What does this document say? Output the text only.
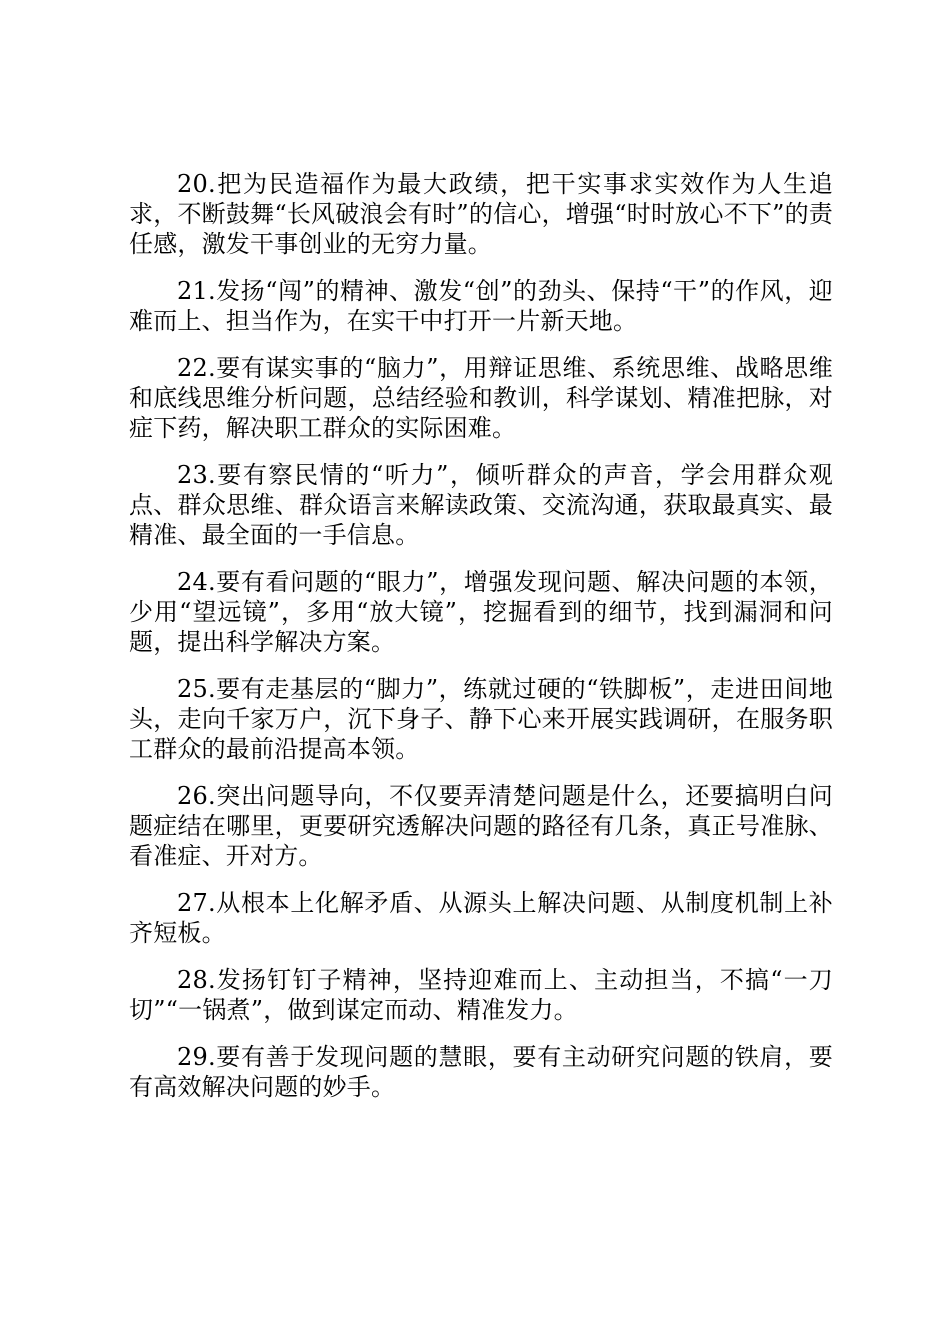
20.把为民造福作为最大政绩，把干实事求实效作为人生追求，不断鼓舞“长风破浪会有时”的信心，增强“时时放心不下”的责任感，激发干事创业的无穷力量。

21.发扬“闯”的精神、激发“创”的劲头、保持“干”的作风，迎难而上、担当作为，在实干中打开一片新天地。

22.要有谋实事的“脑力”，用辩证思维、系统思维、战略思维和底线思维分析问题，总结经验和教训，科学谋划、精准把脉，对症下药，解决职工群众的实际困难。

23.要有察民情的“听力”，倾听群众的声音，学会用群众观点、群众思维、群众语言来解读政策、交流沟通，获取最真实、最精准、最全面的一手信息。

24.要有看问题的“眼力”，增强发现问题、解决问题的本领，少用“望远镜”，多用“放大镜”，挖掘看到的细节，找到漏洞和问题，提出科学解决方案。

25.要有走基层的“脚力”，练就过硬的“铁脚板”，走进田间地头，走向千家万户，沉下身子、静下心来开展实践调研，在服务职工群众的最前沿提高本领。

26.突出问题导向，不仅要弄清楚问题是什么，还要搞明白问题症结在哪里，更要研究透解决问题的路径有几条，真正号准脉、看准症、开对方。

27.从根本上化解矛盾、从源头上解决问题、从制度机制上补齐短板。

28.发扬钉钉子精神，坚持迎难而上、主动担当，不搞“一刀切”“一锅煮”，做到谋定而动、精准发力。

29.要有善于发现问题的慧眼，要有主动研究问题的铁肩，要有高效解决问题的妙手。
